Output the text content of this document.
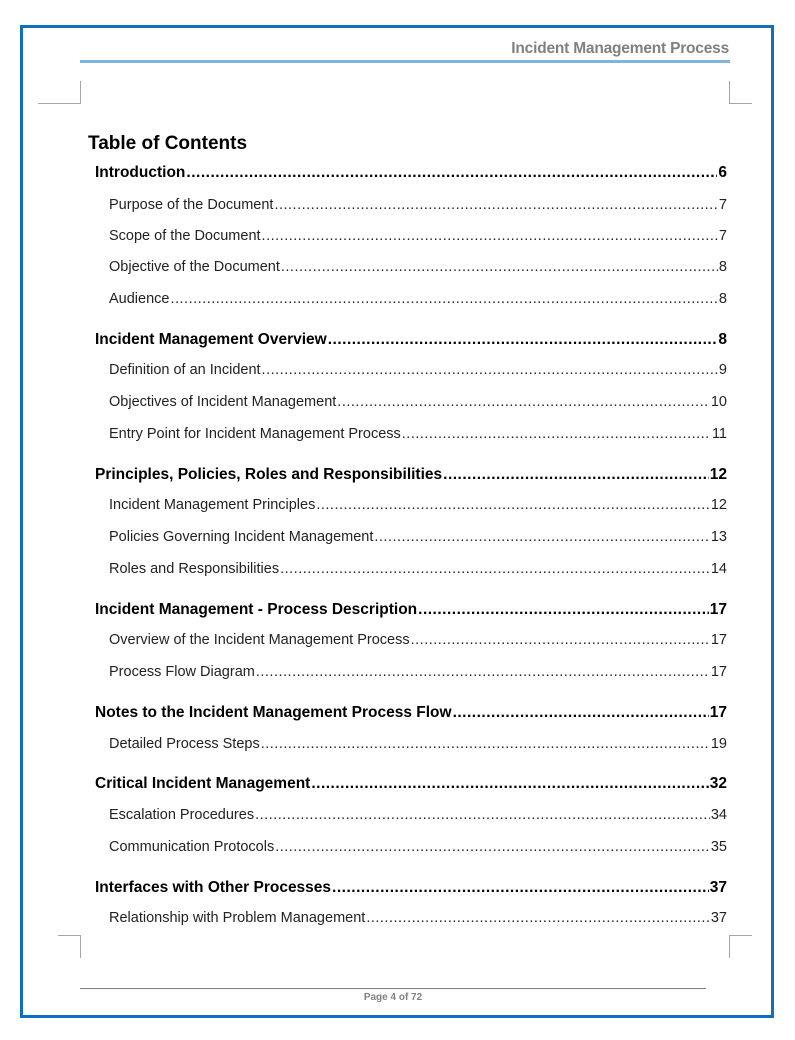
Incident Management Process
Table of Contents
Introduction .....	6
Purpose of the Document .....	7
Scope of the Document .....	7
Objective of the Document .....	8
Audience .....	8
Incident Management Overview .....	8
Definition of an Incident .....	9
Objectives of Incident Management .....	10
Entry Point for Incident Management Process .....	11
Principles, Policies, Roles and Responsibilities .....	12
Incident Management Principles .....	12
Policies Governing Incident Management .....	13
Roles and Responsibilities .....	14
Incident Management - Process Description .....	17
Overview of the Incident Management Process .....	17
Process Flow Diagram .....	17
Notes to the Incident Management Process Flow .....	17
Detailed Process Steps .....	19
Critical Incident Management .....	32
Escalation Procedures .....	34
Communication Protocols .....	35
Interfaces with Other Processes .....	37
Relationship with Problem Management .....	37
Page 4 of 72
